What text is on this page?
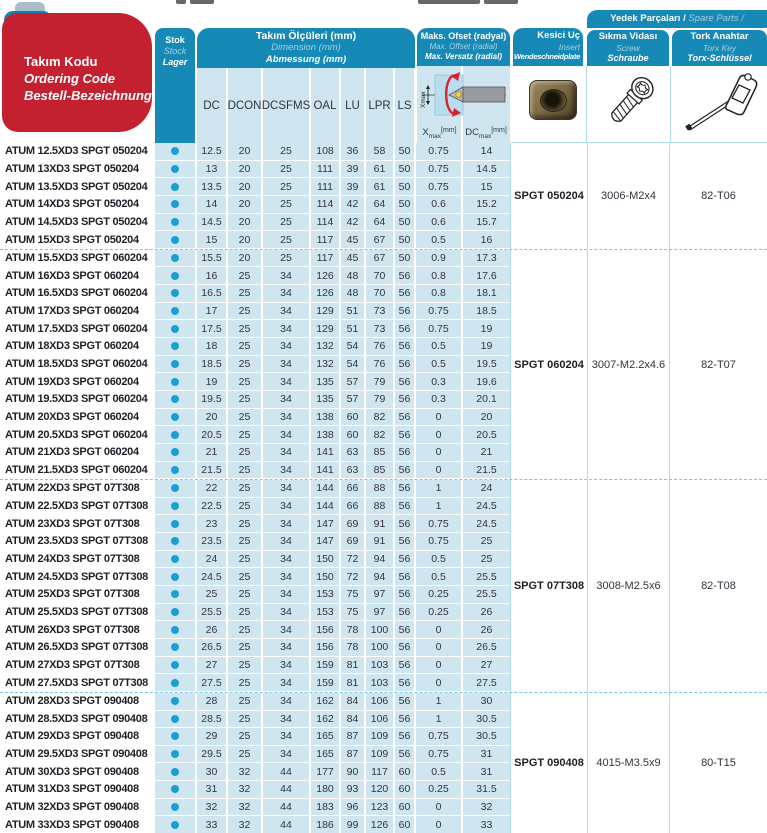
Takım Kodu
Ordering Code
Bestell-Bezeichnung
Stok
Stock
Lager
Takım Ölçüleri (mm)
Dimension (mm)
Abmessung (mm)
DC DCON DCSFMS OAL LU LPR LS
Maks. Ofset (radyal)
Max. Offset (radial)
Max. Versatz (radial)
Xmax
$X_{max}[mm]$ $DC_{max}[mm]$
Kesici Uç
Insert
Wendeschneidplate
Yedek Parçaları / Spare Parts /
Sıkma Vidası
Screw
Schraube
Tork Anahtar
Torx Key
Torx-Schlüssel
ATUM 12.5XD3 SPGT 050204	12.5	20	25	108	36	58	50	0.75	14
ATUM 13XD3 SPGT 050204	13	20	25	111	39	61	50	0.75	14.5
ATUM 13.5XD3 SPGT 050204	13.5	20	25	111	39	61	50	0.75	15
ATUM 14XD3 SPGT 050204	14	20	25	114	42	64	50	0.6	15.2
ATUM 14.5XD3 SPGT 050204	14.5	20	25	114	42	64	50	0.6	15.7
ATUM 15XD3 SPGT 050204	15	20	25	117	45	67	50	0.5	16
SPGT 050204	3006-M2x4	82-T06
ATUM 15.5XD3 SPGT 060204	15.5	20	25	117	45	67	50	0.9	17.3
ATUM 16XD3 SPGT 060204	16	25	34	126	48	70	56	0.8	17.6
ATUM 16.5XD3 SPGT 060204	16.5	25	34	126	48	70	56	0.8	18.1
ATUM 17XD3 SPGT 060204	17	25	34	129	51	73	56	0.75	18.5
ATUM 17.5XD3 SPGT 060204	17.5	25	34	129	51	73	56	0.75	19
ATUM 18XD3 SPGT 060204	18	25	34	132	54	76	56	0.5	19
ATUM 18.5XD3 SPGT 060204	18.5	25	34	132	54	76	56	0.5	19.5
ATUM 19XD3 SPGT 060204	19	25	34	135	57	79	56	0.3	19.6
ATUM 19.5XD3 SPGT 060204	19.5	25	34	135	57	79	56	0.3	20.1
ATUM 20XD3 SPGT 060204	20	25	34	138	60	82	56	0	20
ATUM 20.5XD3 SPGT 060204	20.5	25	34	138	60	82	56	0	20.5
ATUM 21XD3 SPGT 060204	21	25	34	141	63	85	56	0	21
ATUM 21.5XD3 SPGT 060204	21.5	25	34	141	63	85	56	0	21.5
SPGT 060204 3007-M2.2x4.6	82-T07
ATUM 22XD3 SPGT 07T308	22	25	34	144	66	88	56	1	24
ATUM 22.5XD3 SPGT 07T308	22.5	25	34	144	66	88	56	1	24.5
ATUM 23XD3 SPGT 07T308	23	25	34	147	69	91	56	0.75	24.5
ATUM 23.5XD3 SPGT 07T308	23.5	25	34	147	69	91	56	0.75	25
ATUM 24XD3 SPGT 07T308	24	25	34	150	72	94	56	0.5	25
ATUM 24.5XD3 SPGT 07T308	24.5	25	34	150	72	94	56	0.5	25.5
ATUM 25XD3 SPGT 07T308	25	25	34	153	75	97	56	0.25	25.5
ATUM 25.5XD3 SPGT 07T308	25.5	25	34	153	75	97	56	0.25	26
ATUM 26XD3 SPGT 07T308	26	25	34	156	78	100 56	0	26
ATUM 26.5XD3 SPGT 07T308	26.5	25	34	156	78	100 56	0	26.5
ATUM 27XD3 SPGT 07T308	27	25	34	159	81	103 56	0	27
ATUM 27.5XD3 SPGT 07T308	27.5	25	34	159	81	103 56	0	27.5
SPGT 07T308	3008-M2.5x6	82-T08
ATUM 28XD3 SPGT 090408	28	25	34	162	84	106 56	1	30
ATUM 28.5XD3 SPGT 090408	28.5	25	34	162	84	106 56	1	30.5
ATUM 29XD3 SPGT 090408	29	25	34	165	87	109 56	0.75	30.5
ATUM 29.5XD3 SPGT 090408	29.5	25	34	165	87	109 56	0.75	31
ATUM 30XD3 SPGT 090408	30	32	44	177	90	117	60	0.5	31
ATUM 31XD3 SPGT 090408	31	32	44	180	93	120 60	0.25	31.5
ATUM 32XD3 SPGT 090408	32	32	44	183	96	123 60	0	32
ATUM 33XD3 SPGT 090408	33	32	44	186	99	126 60	0	33
SPGT 090408	4015-M3.5x9	80-T15
